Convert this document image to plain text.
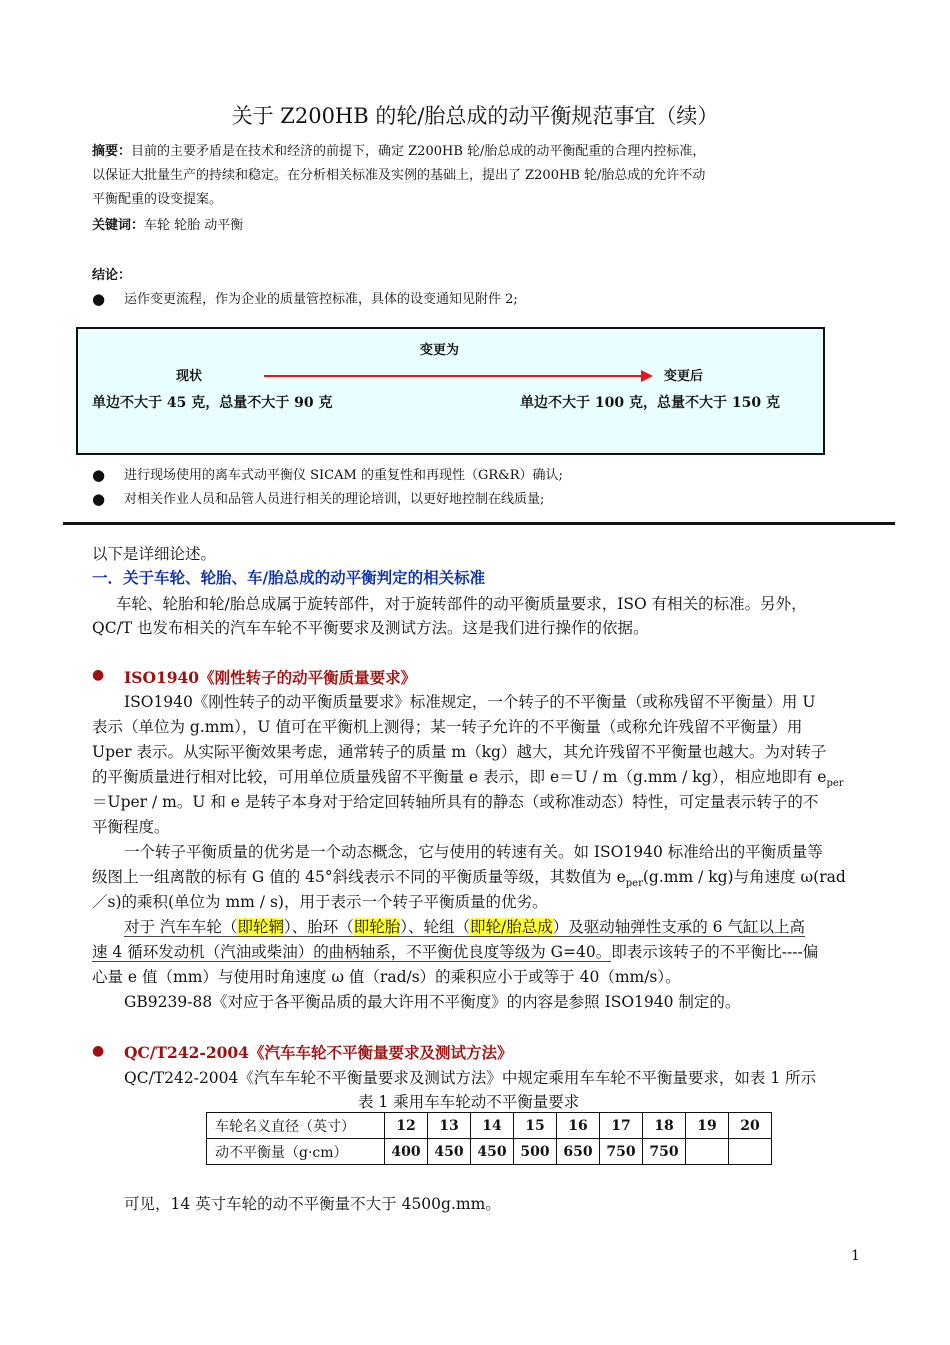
关于 Z200HB 的轮/胎总成的动平衡规范事宜（续）
摘要：目前的主要矛盾是在技术和经济的前提下，确定 Z200HB 轮/胎总成的动平衡配重的合理内控标准，
以保证大批量生产的持续和稳定。在分析相关标准及实例的基础上，提出了 Z200HB 轮/胎总成的允许不动
平衡配重的设变提案。
关键词：车轮 轮胎 动平衡
结论：
● 运作变更流程，作为企业的质量管控标准，具体的设变通知见附件 2;
变更为
现状	变更后
单边不大于 45 克，总量不大于 90 克	单边不大于 100 克，总量不大于 150 克
● 进行现场使用的离车式动平衡仪 SICAM 的重复性和再现性（GR&R）确认;
● 对相关作业人员和品管人员进行相关的理论培训，以更好地控制在线质量;
以下是详细论述。
一．关于车轮、轮胎、车/胎总成的动平衡判定的相关标准
车轮、轮胎和轮/胎总成属于旋转部件，对于旋转部件的动平衡质量要求，ISO 有相关的标准。另外，
QC/T 也发布相关的汽车车轮不平衡要求及测试方法。这是我们进行操作的依据。
● ISO1940《刚性转子的动平衡质量要求》
ISO1940《刚性转子的动平衡质量要求》标准规定，一个转子的不平衡量（或称残留不平衡量）用 U
表示（单位为 g.mm），U 值可在平衡机上测得；某一转子允许的不平衡量（或称允许残留不平衡量）用
Uper 表示。从实际平衡效果考虑，通常转子的质量 m（kg）越大，其允许残留不平衡量也越大。为对转子
的平衡质量进行相对比较，可用单位质量残留不平衡量 e 表示，即 e＝U / m（g.mm / kg），相应地即有 $e_{per}$
＝Uper / m。U 和 e 是转子本身对于给定回转轴所具有的静态（或称准动态）特性，可定量表示转子的不
平衡程度。
一个转子平衡质量的优劣是一个动态概念，它与使用的转速有关。如 ISO1940 标准给出的平衡质量等
级图上一组离散的标有 G 值的 45°斜线表示不同的平衡质量等级，其数值为 $e_{per}(g.mm / kg)$与角速度 ω(rad
／s)的乘积(单位为 mm / s)，用于表示一个转子平衡质量的优劣。
对于 汽车车轮（即轮辋）、胎环（即轮胎）、轮组（即轮/胎总成）及驱动轴弹性支承的 6 气缸以上高
速 4 循环发动机（汽油或柴油）的曲柄轴系，不平衡优良度等级为 G=40。即表示该转子的不平衡比----偏
心量 e 值（mm）与使用时角速度 ω 值（rad/s）的乘积应小于或等于 40（mm/s）。
GB9239-88《对应于各平衡品质的最大许用不平衡度》的内容是参照 ISO1940 制定的。
● QC/T242-2004《汽车车轮不平衡量要求及测试方法》
QC/T242-2004《汽车车轮不平衡量要求及测试方法》中规定乘用车车轮不平衡量要求，如表 1 所示
表 1 乘用车车轮动不平衡量要求
车轮名义直径（英寸）	12	13	14	15	16	17	18	19	20
动不平衡量（g·cm）	400	450	450	500	650	750	750		
可见，14 英寸车轮的动不平衡量不大于 4500g.mm。
1
